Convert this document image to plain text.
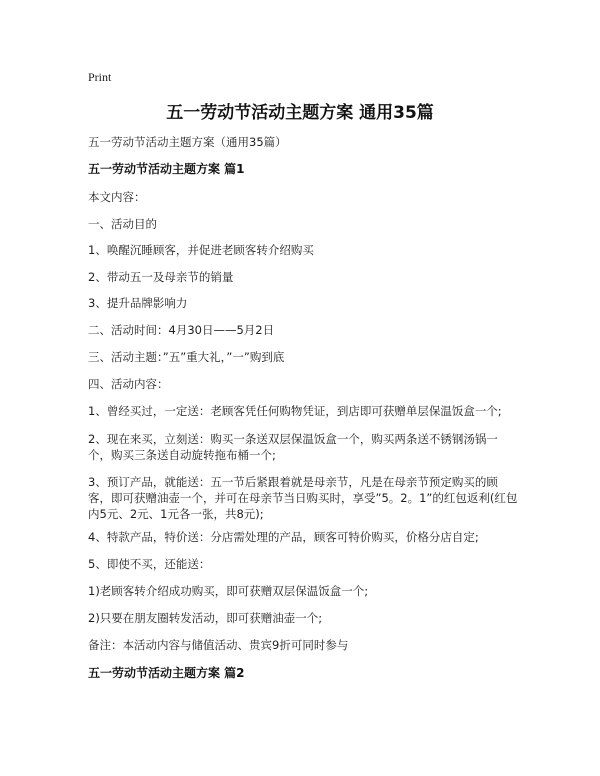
Print
五一劳动节活动主题方案 通用35篇
五一劳动节活动主题方案（通用35篇）
五一劳动节活动主题方案 篇1
本文内容：
一、活动目的
1、唤醒沉睡顾客，并促进老顾客转介绍购买
2、带动五一及母亲节的销量
3、提升品牌影响力
二、活动时间：4月30日——5月2日
三、活动主题：”五”重大礼，”一”购到底
四、活动内容：
1、曾经买过，一定送：老顾客凭任何购物凭证，到店即可获赠单层保温饭盒一个;
2、现在来买，立刻送：购买一条送双层保温饭盒一个，购买两条送不锈钢汤锅一个，购买三条送自动旋转拖布桶一个;
3、预订产品，就能送：五一节后紧跟着就是母亲节，凡是在母亲节预定购买的顾客，即可获赠油壶一个，并可在母亲节当日购买时，享受”5。2。1”的红包返利(红包内5元、2元、1元各一张，共8元);
4、特款产品，特价送：分店需处理的产品，顾客可特价购买，价格分店自定;
5、即使不买，还能送：
1)老顾客转介绍成功购买，即可获赠双层保温饭盒一个;
2)只要在朋友圈转发活动，即可获赠油壶一个;
备注：本活动内容与储值活动、贵宾9折可同时参与
五一劳动节活动主题方案 篇2
